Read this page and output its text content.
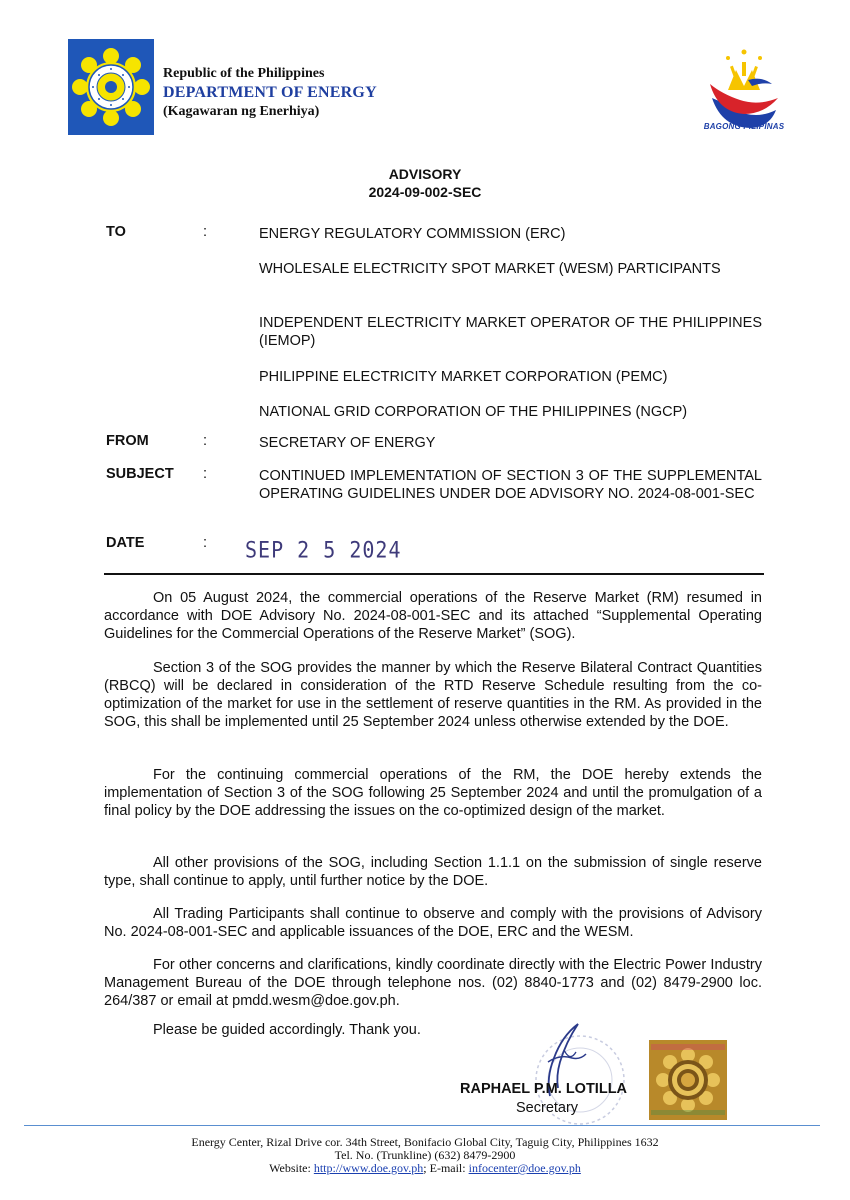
Republic of the Philippines
DEPARTMENT OF ENERGY
(Kagawaran ng Enerhiya)
BAGONG PILIPINAS
ADVISORY
2024-09-002-SEC
TO	:	ENERGY REGULATORY COMMISSION (ERC)
WHOLESALE ELECTRICITY SPOT MARKET (WESM) PARTICIPANTS
INDEPENDENT ELECTRICITY MARKET OPERATOR OF THE PHILIPPINES (IEMOP)
PHILIPPINE ELECTRICITY MARKET CORPORATION (PEMC)
NATIONAL GRID CORPORATION OF THE PHILIPPINES (NGCP)
FROM	:	SECRETARY OF ENERGY
SUBJECT :	CONTINUED IMPLEMENTATION OF SECTION 3 OF THE SUPPLEMENTAL OPERATING GUIDELINES UNDER DOE ADVISORY NO. 2024-08-001-SEC
DATE	: SEP 2 5 2024
On 05 August 2024, the commercial operations of the Reserve Market (RM) resumed in accordance with DOE Advisory No. 2024-08-001-SEC and its attached “Supplemental Operating Guidelines for the Commercial Operations of the Reserve Market” (SOG).
Section 3 of the SOG provides the manner by which the Reserve Bilateral Contract Quantities (RBCQ) will be declared in consideration of the RTD Reserve Schedule resulting from the co-optimization of the market for use in the settlement of reserve quantities in the RM. As provided in the SOG, this shall be implemented until 25 September 2024 unless otherwise extended by the DOE.
For the continuing commercial operations of the RM, the DOE hereby extends the implementation of Section 3 of the SOG following 25 September 2024 and until the promulgation of a final policy by the DOE addressing the issues on the co-optimized design of the market.
All other provisions of the SOG, including Section 1.1.1 on the submission of single reserve type, shall continue to apply, until further notice by the DOE.
All Trading Participants shall continue to observe and comply with the provisions of Advisory No. 2024-08-001-SEC and applicable issuances of the DOE, ERC and the WESM.
For other concerns and clarifications, kindly coordinate directly with the Electric Power Industry Management Bureau of the DOE through telephone nos. (02) 8840-1773 and (02) 8479-2900 loc. 264/387 or email at pmdd.wesm@doe.gov.ph.
Please be guided accordingly. Thank you.
RAPHAEL P.M. LOTILLA
Secretary
Energy Center, Rizal Drive cor. 34th Street, Bonifacio Global City, Taguig City, Philippines 1632
Tel. No. (Trunkline) (632) 8479-2900
Website: http://www.doe.gov.ph; E-mail: infocenter@doe.gov.ph
